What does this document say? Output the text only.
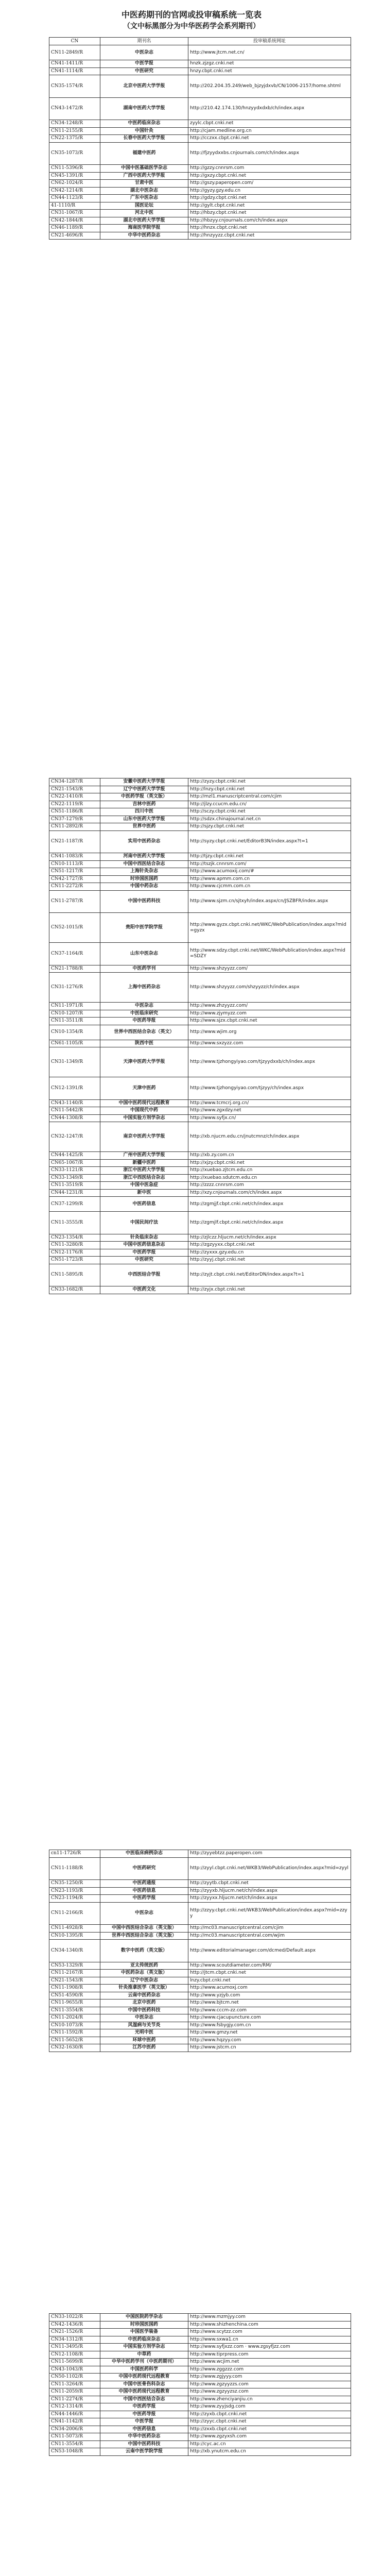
中医药期刊的官网或投审稿系统一览表

（文中标黑部分为中华医药学会系列期刊）

CN	期刊名	投审稿系统网址
CN11-2849/R	中医杂志	http://www.jtcm.net.cn/
CN41-1411/R	中医学报	hnzk.zjzgz.cnki.net
CN41-1114/R	中医研究	hnzy.cbpt.cnki.net
CN35-1574/R	北京中医药大学学报	http://202.204.35.249/web_bjzyjdxvb/CN/1006-2157/home.shtml
CN43-1472/R	湖南中医药大学学报	http://210.42.174.130/hnzyydxdxb/ch/index.aspx
CN34-1248/R	中医药临床杂志	zyylc.cbpt.cnki.net
CN11-2155/R	中国针灸	http://cjam.medline.org.cn
CN22-1375/R	长春中医药大学学报	http://cczxx.cbpt.cnki.net
CN35-1073/R	福建中医药	http://fjzyydxxbs.cnjournals.com/ch/index.aspx
CN11-5396/R	中国中医基础医学杂志	http://gzzy.cnnrsm.com
CN45-1391/R	广西中医药大学学报	http://gxzy.cbpt.cnki.net
CN62-1024/R	甘肃中医	http://gszy.paperopen.com/
CN42-1214/R	湖北中医杂志	http://gyzy.gzy.edu.cn
CN44-1123/R	广东中医杂志	http://gdzy.cbpt.cnki.net
41-1110/R	国医论坛	http://gylt.cbpt.cnki.net
CN31-1067/R	河北中医	http://hbzy.cbpt.cnki.net
CN42-1844/R	湖北中医药大学学报	http://hbzyy.cnjournals.com/ch/index.aspx
CN46-1189/R	海南医学院学报	http://hnzx.cbpt.cnki.net
CN21-4696/R	中华中医药杂志	http://hnzyyzz.cbpt.cnki.net
CN34-1287/R	安徽中医药大学学报	http://zyzy.cbpt.cnki.net
CN21-1543/R	辽宁中医药大学学报	http://lnzy.cbpt.cnki.net
CN22-1410/R	中医药学报（英文版）	http://mzl1.manuscriptcentral.com/cjim
CN22-1119/R	吉林中医药	http://jlzy.ccucm.edu.cn/
CN51-1186/R	四川中医	http://sczy.cbpt.cnki.net
CN37-1279/R	山东中医药大学学报	http://sdzx.chinajournal.net.cn
CN11-2892/R	世界中医药	http://sjzy.cbpt.cnki.net
CN21-1187/R	实用中医药杂志	http://syzy.cbpt.cnki.net/EditorB3N/index.aspx?t=1
CN41-1083/R	河南中医药大学学报	http://tjzy.cbpt.cnki.net
CN10-1113/R	中国中西医结合杂志	http://tszjk.cnnrsm.com/
CN51-1217/R	上海针灸杂志	http://www.acumoxij.com/#
CN42-1727/R	时珍国医国药	http://www.apmm.com.cn
CN11-2272/R	中国中药杂志	http://www.cjcmm.com.cn
CN11-2787/R	中国中医药科技	http://www.sjzm.cn/sjtxyh/index.aspx/cn/JSZBFR/index.aspx
CN52-1015/R	贵阳中医学院学报	http://www.gyzx.cbpt.cnki.net/WKC/WebPublication/index.aspx?mid=gyzx
CN37-1164/R	山东中医杂志	http://www.sdzy.cbpt.cnki.net/WKC/WebPublication/index.aspx?mid=SDZY
CN21-1788/R	中医药学刊	http://www.shzyyzz.com/
CN31-1276/R	上海中医药杂志	http://www.shzyyzz.com/shzyyzz/ch/index.aspx
CN11-1971/R	中医杂志	http://www.zhzyyzz.com/
CN10-1207/R	中医临床研究	http://www.zjymyzz.com
CN11-3511/R	中医药导报	http://www.sjzx.cbpt.cnki.net
CN10-1354/R	世界中西医结合杂志（英文）	http://www.wjim.org
CN61-1105/R	陕西中医	http://www.sxzyzz.com
CN31-1349/R	天津中医药大学学报	http://www.tjzhongyiyao.com/tjzyydxxb/ch/index.aspx
CN12-1391/R	天津中医药	http://www.tjzhongyiyao.com/tjzyy/ch/index.aspx
CN43-1140/R	中国中医药现代远程教育	http://www.tcmcrj.org.cn/
CN11-5442/R	中国现代中药	http://www.zgxdzy.net
CN44-1308/R	中国实验方剂学杂志	http://www.syfjx.cn/
CN32-1247/R	南京中医药大学学报	http://xb.njucm.edu.cn/jnutcmnz/ch/index.aspx
CN44-1425/R	广州中医药大学学报	http://xb.zy.com.cn
CN65-1067/R	新疆中医药	http://xjzy.cbpt.cnki.net
CN33-1121/R	浙江中医药大学学报	http://xuebao.zjtcm.edu.cn
CN33-1349/R	浙江中西医结合杂志	http://xuebao.sdutcm.edu.cn
CN11-3519/R	中国中医急症	http://zzzz.cnnrsm.com
CN44-1231/R	新中医	http://xzy.cnjournals.com/ch/index.aspx
CN37-1299/R	中医药信息	http://zgmjjf.cbpt.cnki.net/ch/index.aspx
CN11-3555/R	中国民间疗法	http://zgmjlf.cbpt.cnki.net/ch/index.aspx
CN23-1354/R	针灸临床杂志	http://zjlczz.hljucm.net/ch/index.aspx
CN11-3280/R	中国中医药信息杂志	http://zgzyyxx.cbpt.cnki.net
CN12-1176/R	中医药学报	http://zyxxx.gzy.edu.cn
CN51-1723/R	中医研究	http://zyyj.cbpt.cnki.net
CN11-5895/R	中西医结合学报	http://zyjt.cbpt.cnki.net/EditorDN/index.aspx?t=1
CN33-1682/R	中医药文化	http://zyjx.cbpt.cnki.net
cn11-1726/R	中医临床病例杂志	http://zyyebtzz.paperopen.com
CN11-1188/R	中医药研究	http://zyyl.cbpt.cnki.net/WKB3/WebPublication/index.aspx?mid=zyyl
CN35-1250/R	中医药通报	http://zyytb.cbpt.cnki.net
CN23-1193/R	中医药信息	http://zyyxb.hljucm.net/ch/index.aspx
CN23-1194/R	中医药学报	http://zyyxx.hljucm.net/ch/index.aspx
CN11-2166/R	中医杂志	http://zzyy.cbpt.cnki.net/WKB3/WebPublication/index.aspx?mid=zzyy
CN11-4928/R	中国中西医结合杂志（英文版）	http://mc03.manuscriptcentral.com/cjim
CN10-1395/R	世界中西医结合杂志（英文版）	http://mc03.manuscriptcentral.com/wjim
CN34-1340/R	数字中医药（英文版）	http://www.editorialmanager.com/dcmed/Default.aspx
CN53-1329/R	亚太传统医药	http://www.scoutdiameter.com/RM/
CN11-2167/R	中医药杂志（英文版）	http://jtcm.cbpt.cnki.net
CN21-1543/R	辽宁中医杂志	lnzy.cbpt.cnki.net
CN11-1908/R	针灸推拿医学（英文版）	http://www.acumoxj.com
CN51-4590/R	云南中医药杂志	http://www.yzjyb.com
CN11-9655/R	北京中医药	http://www.bjtcm.net
CN11-3554/R	中国中医药科技	http://www.cccm-zz.com
CN11-2024/R	中医杂志	http://www.cjacupuncture.com
CN10-1073/R	风湿病与关节炎	http://www.fsbygjy.com.cn
CN11-1592/R	光明中医	http://www.gmzy.net
CN11-5652/R	环球中医药	http://www.hqzyy.com
CN32-1630/R	江苏中医药	http://www.jstcm.cn
CN33-1022/R	中国医院药学杂志	http://www.mzmjyy.com
CN42-1436/R	时珍国医国药	http://www.shizhenchina.com
CN21-1526/R	中国医学装备	http://www.scytzz.com
CN34-1312/R	中医药临床杂志	http://www.sxwa1.cn
CN11-3495/R	中国实验方剂学杂志	http://www.syfjxzz.com · www.zgsyfjzz.com
CN12-1108/R	中草药	http://www.tiprpress.com
CN11-5699/R	中华中医药学刊（中医药期刊）	http://www.wcjim.net
CN43-1043/R	中国医药科学	http://www.zggzzz.com
CN50-1102/R	中国中医药现代远程教育	http://www.zgjyyy.com
CN11-3264/R	中国中医骨伤科杂志	http://www.zgzyyzzs.com
CN11-2059/R	中国中医药现代远程教育	http://www.zgzyyzsz.com
CN11-2274/R	中国中西医结合杂志	http://www.zhenciyanjiu.cn
CN12-1314/R	中医药学报	http://www.zyyjsdg.com
CN44-1446/R	中医药导报	http://zyxb.cbpt.cnki.net
CN41-1142/R	中医学报	http://zyyc.cbpt.cnki.net
CN34-2006/R	中医药信息	http://zxxb.cbpt.cnki.net
CN11-5073/R	中华中医药杂志	http://www.zgzyxsh.com
CN11-3554/R	中国中医药科技	http://cyc.ac.cn
CN53-1048/R	云南中医学院学报	http://xb.ynutcm.edu.cn
